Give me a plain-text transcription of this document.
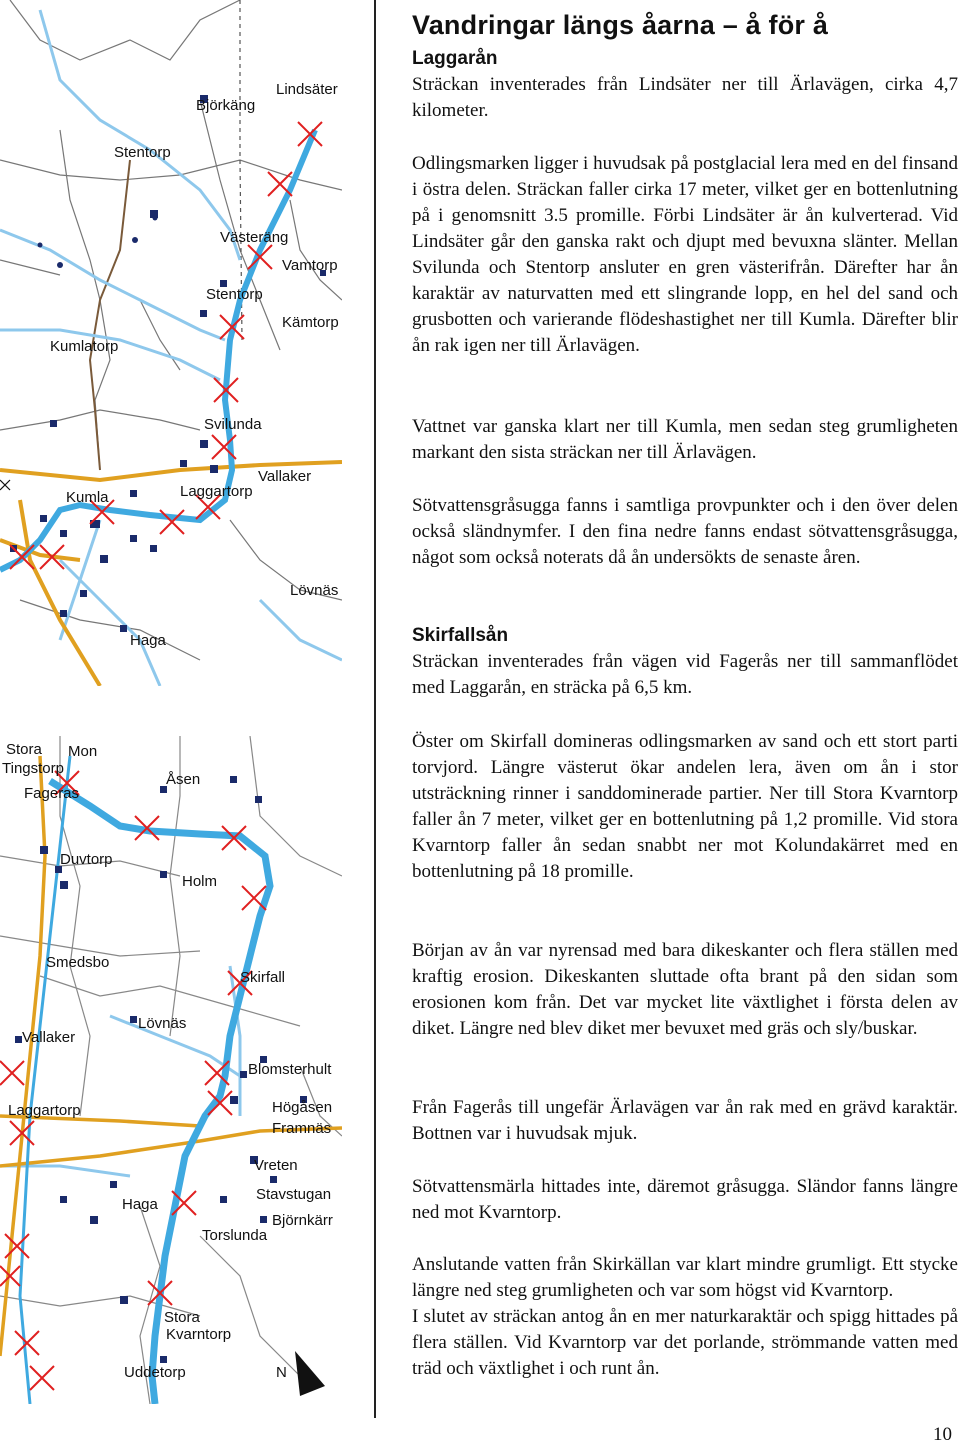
Lindsäter
Björkäng
Stentorp
Västeräng
Vamtorp
Stentorp
Kämtorp
Kumlatorp
Svilunda
Vallaker
Kumla	Laggartorp
Lövnäs
Haga
Stora Mon
Tingstorp
Fageras
Åsen
Duvtorp
Holm
Smedsbo
Skirfall
Lövnäs
Vallaker
Blomsterhult
Laggartorp	Högåsen
Framnäs
Vreten
Stavstugan
Haga
Björnkärr
Torslunda
Stora
Kvarntorp
Uddetorp	N
Vandringar längs åarna – å för å
Laggarån

Sträckan inventerades från Lindsäter ner till Ärlavägen, cirka 4,7 kilometer.

Odlingsmarken ligger i huvudsak på postglacial lera med en del finsand i östra delen. Sträckan faller cirka 17 meter, vilket ger en bottenlutning på i genomsnitt 3.5 promille. Förbi Lindsäter är ån kulverterad. Vid Lindsäter går den ganska rakt och djupt med bevuxna slänter. Mellan Svilunda och Stentorp ansluter en gren västerifrån. Därefter har ån karaktär av naturvatten med ett slingrande lopp, en hel del sand och grusbotten och varierande flödeshastighet ner till Kumla. Därefter blir ån rak igen ner till Ärlavägen.

Vattnet var ganska klart ner till Kumla, men sedan steg grumligheten markant den sista sträckan ner till Ärlavägen.

Sötvattensgråsugga fanns i samtliga provpunkter och i den över delen också sländnymfer. I den fina nedre fanns endast sötvattensgråsugga, något som också noterats då ån undersökts de senaste åren.

Skirfallsån

Sträckan inventerades från vägen vid Fagerås ner till sammanflödet med Laggarån, en sträcka på 6,5 km.

Öster om Skirfall domineras odlingsmarken av sand och ett stort parti torvjord. Längre västerut ökar andelen lera, även om ån i stor utsträckning rinner i sanddominerade partier. Ner till Stora Kvarntorp faller ån 7 meter, vilket ger en bottenlutning på 1,2 promille. Vid stora Kvarntorp faller ån sedan snabbt ner mot Kolundakärret med en bottenlutning på 18 promille.

Början av ån var nyrensad med bara dikeskanter och flera ställen med kraftig erosion. Dikeskanten sluttade ofta brant på den sidan som erosionen kom från. Det var mycket lite växtlighet i första delen av diket. Längre ned blev diket mer bevuxet med gräs och sly/buskar.

Från Fagerås till ungefär Ärlavägen var ån rak med en grävd karaktär. Bottnen var i huvudsak mjuk.

Sötvattensmärla hittades inte, däremot gråsugga. Sländor fanns längre ned mot Kvarntorp.

Anslutande vatten från Skirkällan var klart mindre grumligt. Ett stycke längre ned steg grumligheten och var som högst vid Kvarntorp.

I slutet av sträckan antog ån en mer naturkaraktär och spigg hittades på flera ställen. Vid Kvarntorp var det porlande, strömmande vatten med träd och växtlighet i och runt ån.

10
